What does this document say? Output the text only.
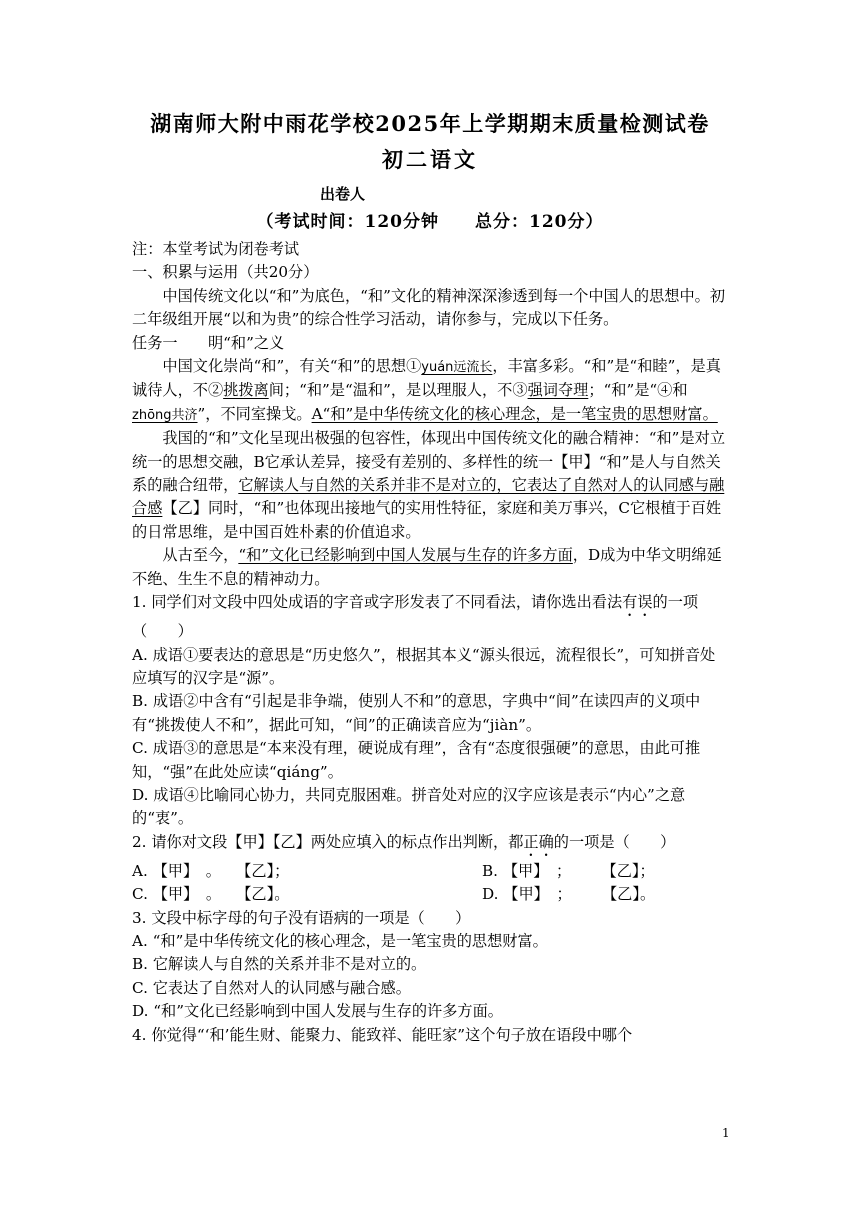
湖南师大附中雨花学校2025年上学期期末质量检测试卷
初二语文
出卷人
（考试时间：120分钟　　总分：120分）

注：本堂考试为闭卷考试

一、积累与运用（共20分）

中国传统文化以“和”为底色，“和”文化的精神深深渗透到每一个中国人的思想中。初二年级组开展“以和为贵”的综合性学习活动，请你参与，完成以下任务。

任务一　　明“和”之义

中国文化崇尚“和”，有关“和”的思想①yuán远流长，丰富多彩。“和”是“和睦”，是真诚待人，不②挑拨离间；“和”是“温和”，是以理服人，不③强词夺理；“和”是“④和 zhōng共济”，不同室操戈。A“和”是中华传统文化的核心理念，是一笔宝贵的思想财富。

我国的“和”文化呈现出极强的包容性，体现出中国传统文化的融合精神：“和”是对立统一的思想交融，B它承认差异，接受有差别的、多样性的统一【甲】“和”是人与自然关系的融合纽带，它解读人与自然的关系并非不是对立的，它表达了自然对人的认同感与融合感【乙】同时，“和”也体现出接地气的实用性特征，家庭和美万事兴，C它根植于百姓的日常思维，是中国百姓朴素的价值追求。

从古至今，“和”文化已经影响到中国人发展与生存的许多方面，D成为中华文明绵延不绝、生生不息的精神动力。

1. 同学们对文段中四处成语的字音或字形发表了不同看法，请你选出看法有误的一项（　　）

A. 成语①要表达的意思是“历史悠久”，根据其本义“源头很远，流程很长”，可知拼音处应填写的汉字是“源”。

B. 成语②中含有“引起是非争端，使别人不和”的意思，字典中“间”在读四声的义项中有“挑拨使人不和”，据此可知，“间”的正确读音应为“jiàn”。

C. 成语③的意思是“本来没有理，硬说成有理”，含有“态度很强硬”的意思，由此可推知，“强”在此处应读“qiáng”。

D. 成语④比喻同心协力，共同克服困难。拼音处对应的汉字应该是表示“内心”之意的“衷”。

2. 请你对文段【甲】【乙】两处应填入的标点作出判断，都正确的一项是（　　）

A. 【甲】　。　　【乙】；	B. 【甲】　；　　　【乙】；
C. 【甲】　。　　【乙】。	D. 【甲】　；　　　【乙】。

3. 文段中标字母的句子没有语病的一项是（　　）

A. “和”是中华传统文化的核心理念，是一笔宝贵的思想财富。

B. 它解读人与自然的关系并非不是对立的。

C. 它表达了自然对人的认同感与融合感。

D. “和”文化已经影响到中国人发展与生存的许多方面。

4. 你觉得“‘和’能生财、能聚力、能致祥、能旺家”这个句子放在语段中哪个

1
